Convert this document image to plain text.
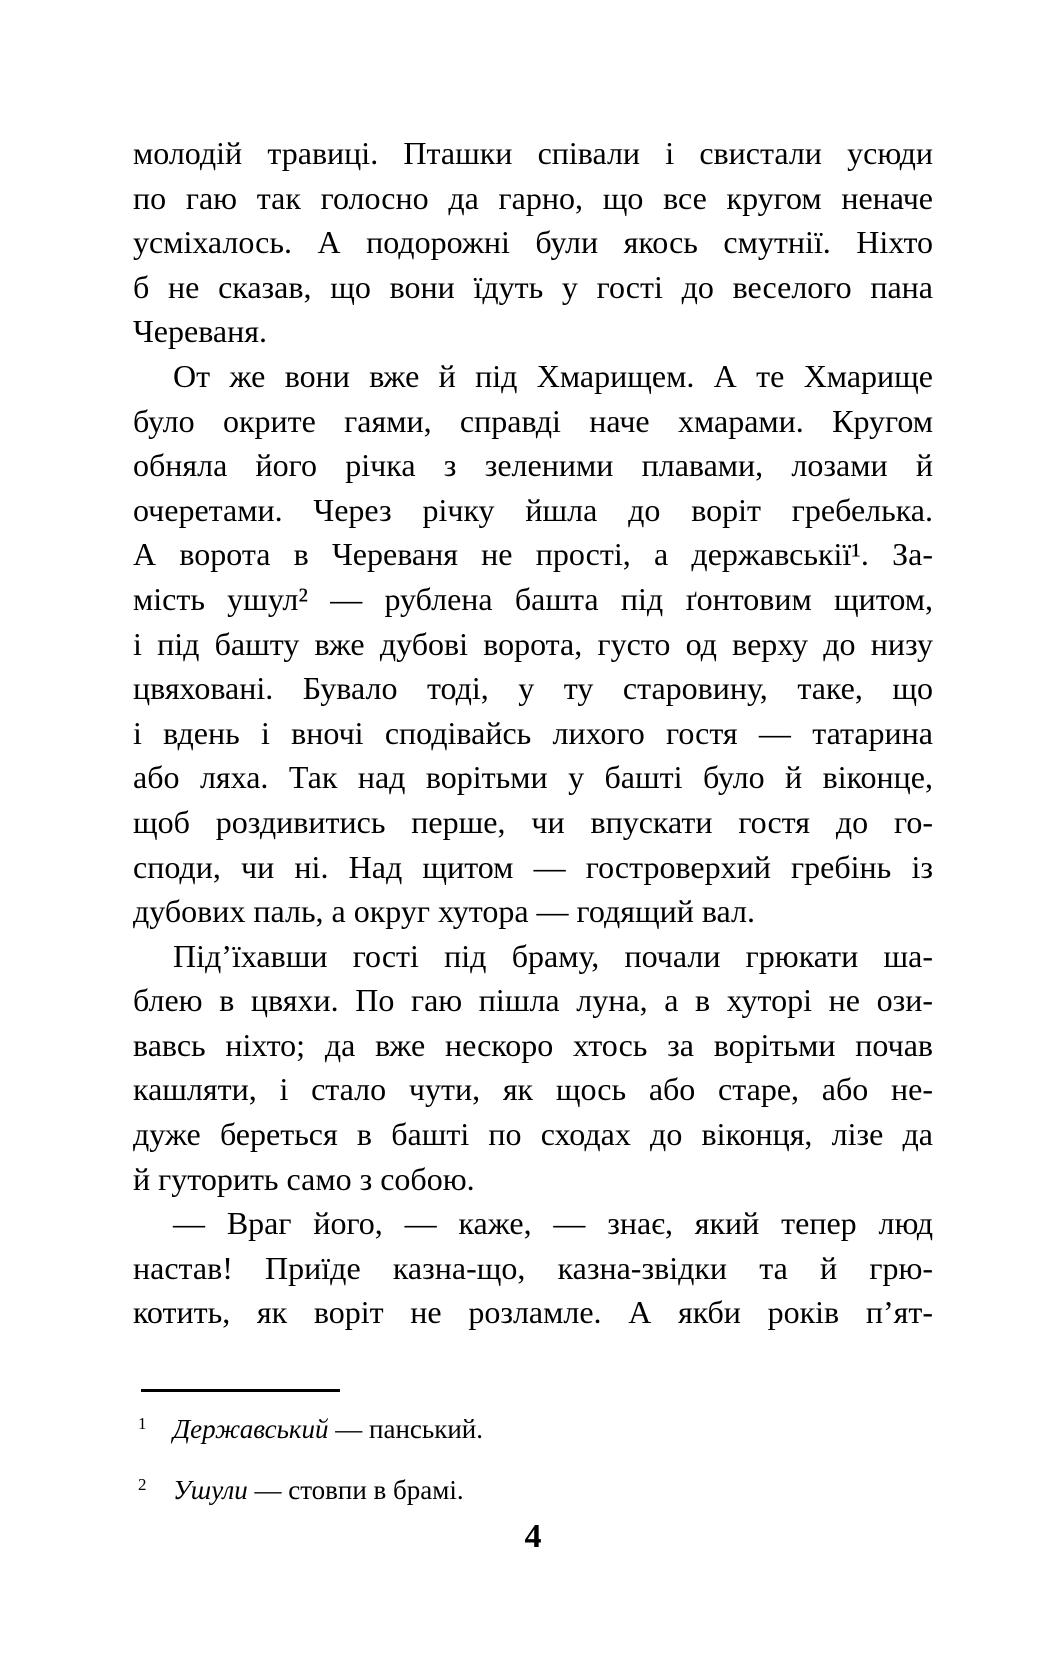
молодій травиці. Пташки співали і свистали усюди
по гаю так голосно да гарно, що все кругом неначе
усміхалось. А подорожні були якось смутнії. Ніхто
б не сказав, що вони їдуть у гості до веселого пана
Череваня.
От же вони вже й під Хмарищем. А те Хмарище
було окрите гаями, справді наче хмарами. Кругом
обняла його річка з зеленими плавами, лозами й
очеретами. Через річку йшла до воріт гребелька.
А ворота в Череваня не прості, а державськії¹. За-
мість ушул² — рублена башта під ґонтовим щитом,
і під башту вже дубові ворота, густо од верху до низу
цвяховані. Бувало тоді, у ту старовину, таке, що
і вдень і вночі сподівайсь лихого гостя — татарина
або ляха. Так над ворітьми у башті було й віконце,
щоб роздивитись перше, чи впускати гостя до го-
споди, чи ні. Над щитом — гостроверхий гребінь із
дубових паль, а округ хутора — годящий вал.
Під’їхавши гості під браму, почали грюкати ша-
блею в цвяхи. По гаю пішла луна, а в хуторі не ози-
вавсь ніхто; да вже нескоро хтось за ворітьми почав
кашляти, і стало чути, як щось або старе, або не-
дуже береться в башті по сходах до віконця, лізе да
й гуторить само з собою.
— Враг його, — каже, — знає, який тепер люд
настав! Приїде казна-що, казна-звідки та й грю-
котить, як воріт не розламле. А якби років п’ят-
1 Державський — панський.
2 Ушули — стовпи в брамі.
4
